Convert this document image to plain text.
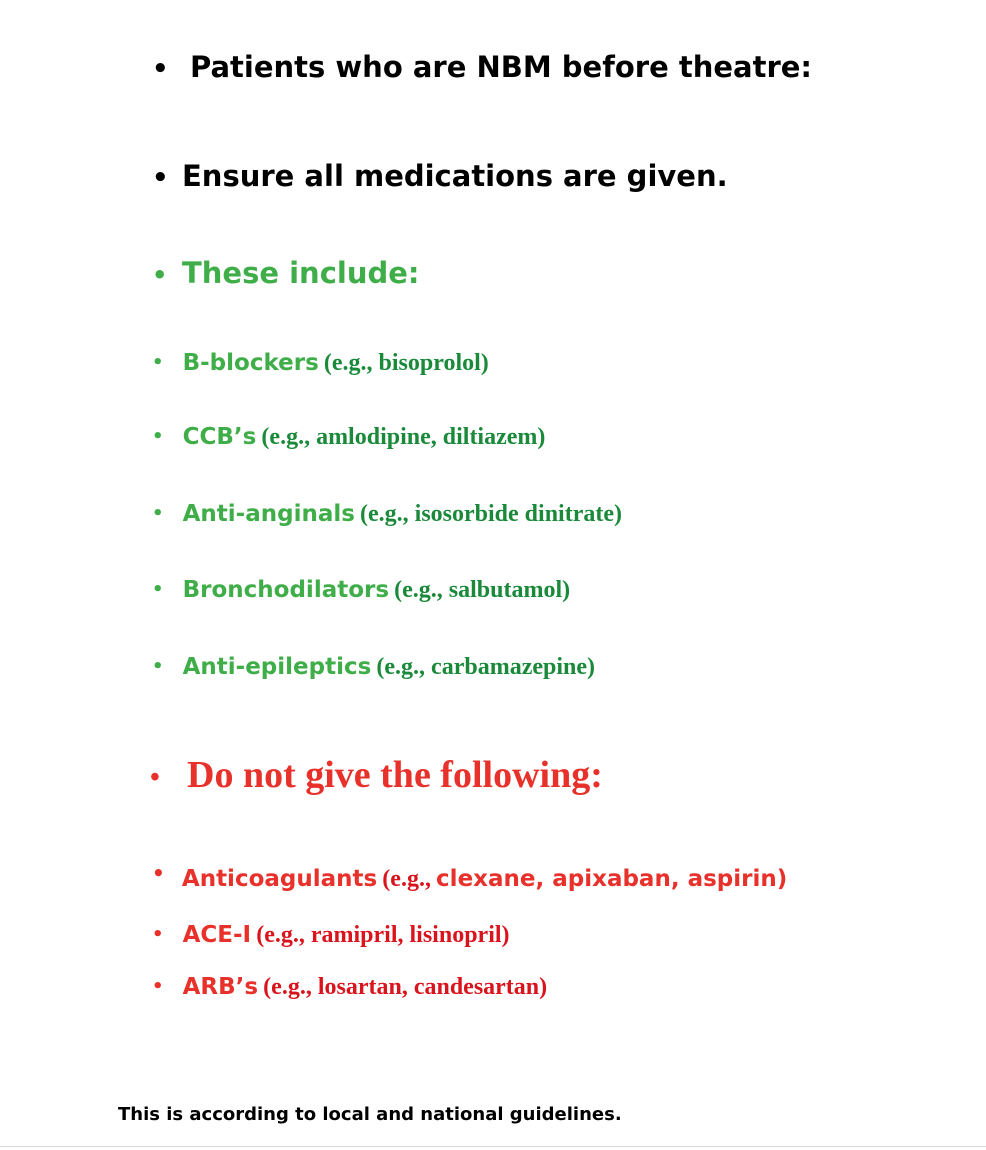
• Patients who are NBM before theatre:
• Ensure all medications are given.
• These include:
• B-blockers (e.g., bisoprolol)
• CCB’s (e.g., amlodipine, diltiazem)
• Anti-anginals (e.g., isosorbide dinitrate)
• Bronchodilators (e.g., salbutamol)
• Anti-epileptics (e.g., carbamazepine)
• Do not give the following:
• Anticoagulants (e.g., clexane, apixaban, aspirin)
• ACE-I (e.g., ramipril, lisinopril)
• ARB’s (e.g., losartan, candesartan)
This is according to local and national guidelines.
